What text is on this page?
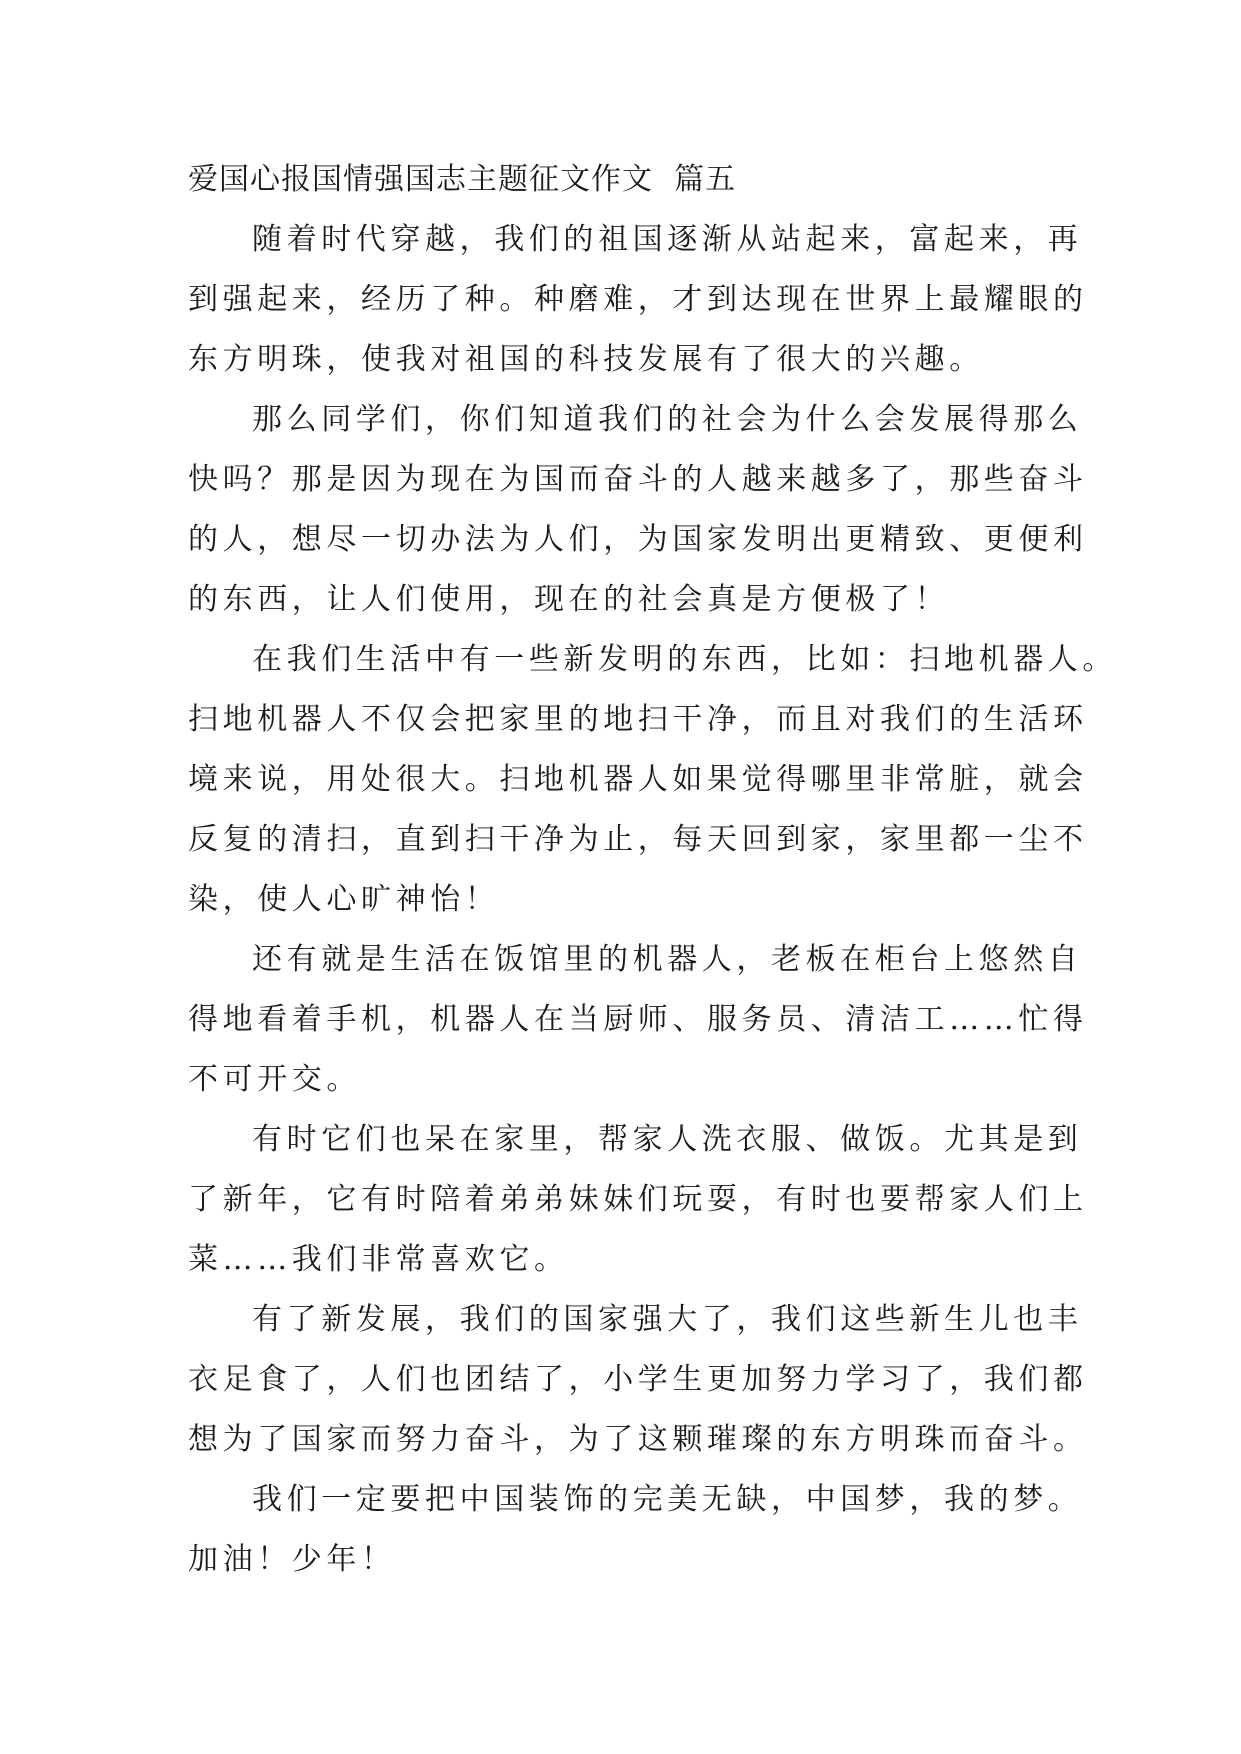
爱国心报国情强国志主题征文作文  篇五
随着时代穿越，我们的祖国逐渐从站起来，富起来，再
到强起来，经历了种。种磨难，才到达现在世界上最耀眼的
东方明珠，使我对祖国的科技发展有了很大的兴趣。
那么同学们，你们知道我们的社会为什么会发展得那么
快吗？那是因为现在为国而奋斗的人越来越多了，那些奋斗
的人，想尽一切办法为人们，为国家发明出更精致、更便利
的东西，让人们使用，现在的社会真是方便极了！
在我们生活中有一些新发明的东西，比如：扫地机器人。
扫地机器人不仅会把家里的地扫干净，而且对我们的生活环
境来说，用处很大。扫地机器人如果觉得哪里非常脏，就会
反复的清扫，直到扫干净为止，每天回到家，家里都一尘不
染，使人心旷神怡！
还有就是生活在饭馆里的机器人，老板在柜台上悠然自
得地看着手机，机器人在当厨师、服务员、清洁工……忙得
不可开交。
有时它们也呆在家里，帮家人洗衣服、做饭。尤其是到
了新年，它有时陪着弟弟妹妹们玩耍，有时也要帮家人们上
菜……我们非常喜欢它。
有了新发展，我们的国家强大了，我们这些新生儿也丰
衣足食了，人们也团结了，小学生更加努力学习了，我们都
想为了国家而努力奋斗，为了这颗璀璨的东方明珠而奋斗。
我们一定要把中国装饰的完美无缺，中国梦，我的梦。
加油！少年！
